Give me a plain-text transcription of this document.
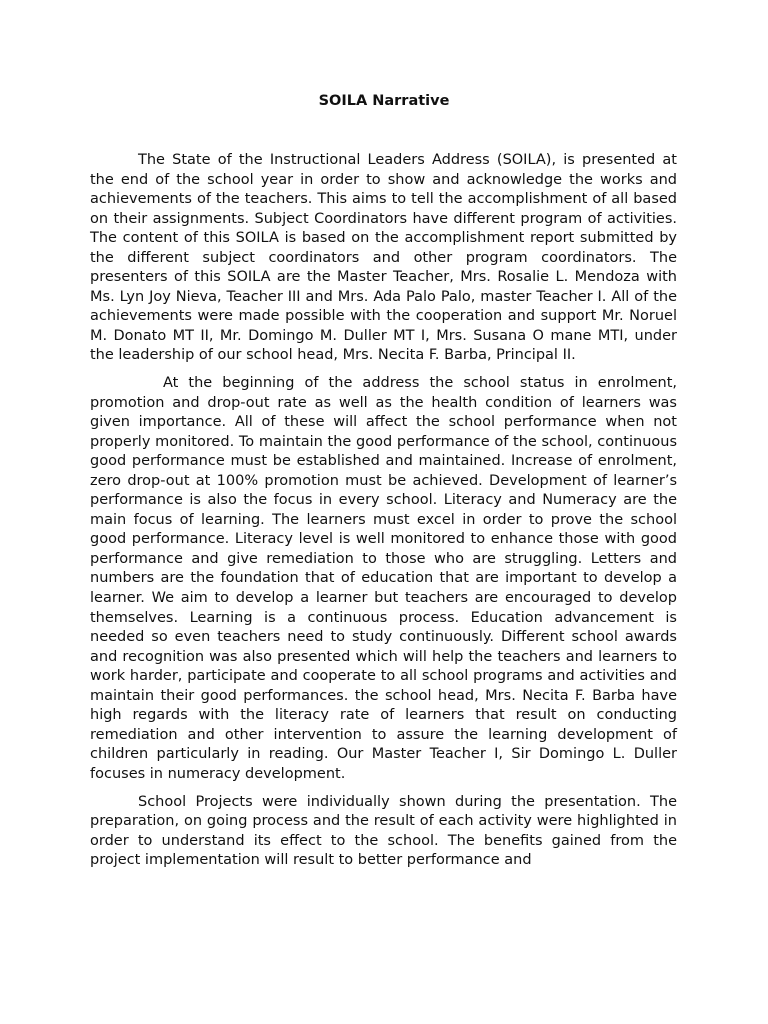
SOILA Narrative

The State of the Instructional Leaders Address (SOILA), is presented at the end of the school year in order to show and acknowledge the works and achievements of the teachers. This aims to tell the accomplishment of all based on their assignments. Subject Coordinators have different program of activities. The content of this SOILA is based on the accomplishment report submitted by the different subject coordinators and other program coordinators. The presenters of this SOILA are the Master Teacher, Mrs. Rosalie L. Mendoza with Ms. Lyn Joy Nieva, Teacher III and Mrs. Ada Palo Palo, master Teacher I. All of the achievements were made possible with the cooperation and support Mr. Noruel M. Donato MT II, Mr. Domingo M. Duller MT I, Mrs. Susana O mane MTI, under the leadership of our school head, Mrs. Necita F. Barba, Principal II.

At the beginning of the address the school status in enrolment, promotion and drop-out rate as well as the health condition of learners was given importance. All of these will affect the school performance when not properly monitored. To maintain the good performance of the school, continuous good performance must be established and maintained. Increase of enrolment, zero drop-out at 100% promotion must be achieved. Development of learner’s performance is also the focus in every school. Literacy and Numeracy are the main focus of learning. The learners must excel in order to prove the school good performance. Literacy level is well monitored to enhance those with good performance and give remediation to those who are struggling. Letters and numbers are the foundation that of education that are important to develop a learner. We aim to develop a learner but teachers are encouraged to develop themselves. Learning is a continuous process. Education advancement is needed so even teachers need to study continuously. Different school awards and recognition was also presented which will help the teachers and learners to work harder, participate and cooperate to all school programs and activities and maintain their good performances. the school head, Mrs. Necita F. Barba have high regards with the literacy rate of learners that result on conducting remediation and other intervention to assure the learning development of children particularly in reading. Our Master Teacher I, Sir Domingo L. Duller focuses in numeracy development.

School Projects were individually shown during the presentation. The preparation, on going process and the result of each activity were highlighted in order to understand its effect to the school. The benefits gained from the project implementation will result to better performance and
